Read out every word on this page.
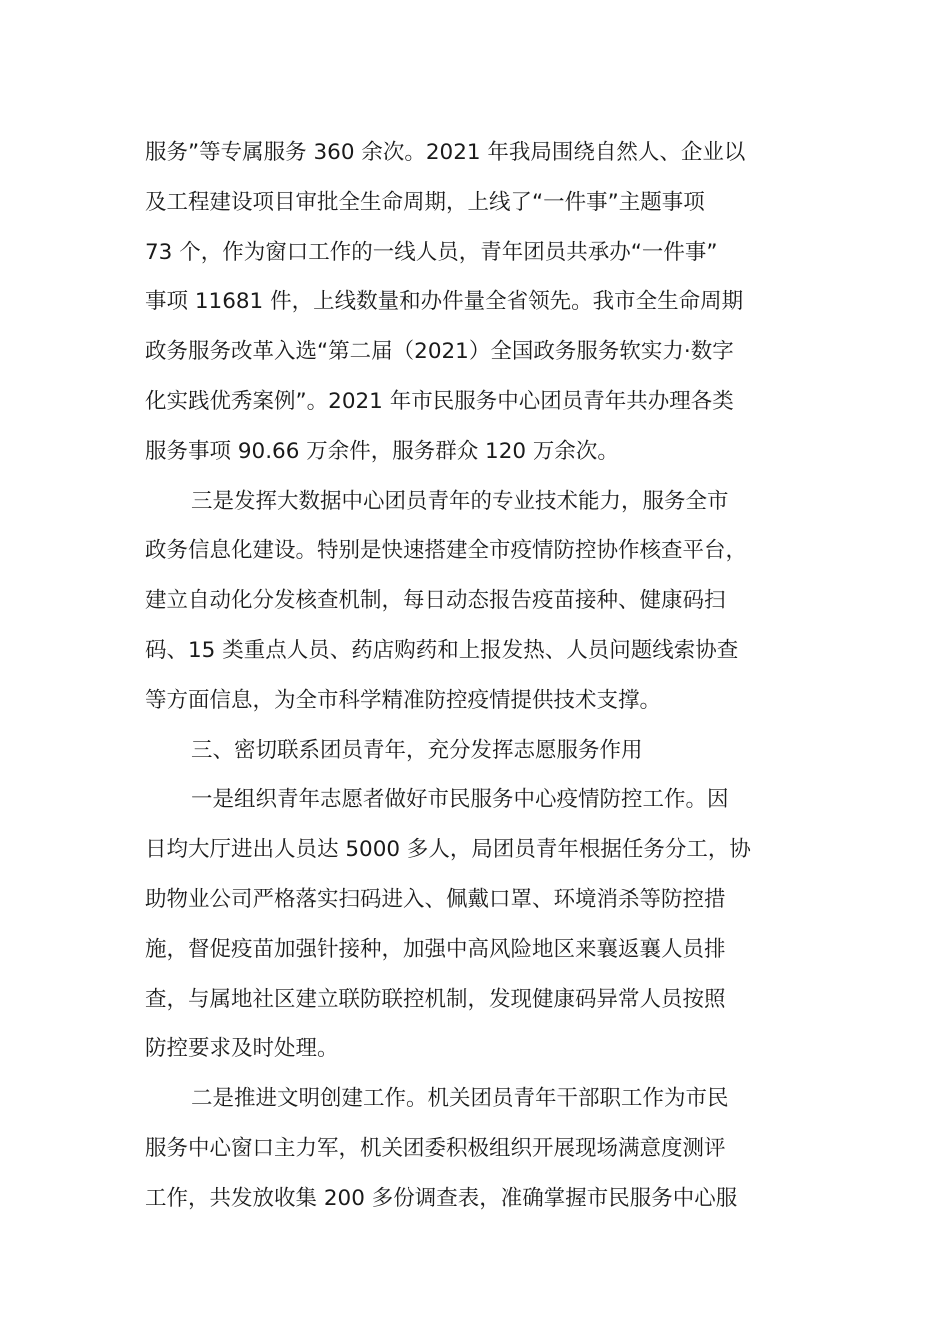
服务”等专属服务 360 余次。2021 年我局围绕自然人、企业以
及工程建设项目审批全生命周期，上线了“一件事”主题事项
73 个，作为窗口工作的一线人员，青年团员共承办“一件事”
事项 11681 件，上线数量和办件量全省领先。我市全生命周期
政务服务改革入选“第二届（2021）全国政务服务软实力·数字
化实践优秀案例”。2021 年市民服务中心团员青年共办理各类
服务事项 90.66 万余件，服务群众 120 万余次。
三是发挥大数据中心团员青年的专业技术能力，服务全市
政务信息化建设。特别是快速搭建全市疫情防控协作核查平台，
建立自动化分发核查机制，每日动态报告疫苗接种、健康码扫
码、15 类重点人员、药店购药和上报发热、人员问题线索协查
等方面信息，为全市科学精准防控疫情提供技术支撑。
三、密切联系团员青年，充分发挥志愿服务作用
一是组织青年志愿者做好市民服务中心疫情防控工作。因
日均大厅进出人员达 5000 多人，局团员青年根据任务分工，协
助物业公司严格落实扫码进入、佩戴口罩、环境消杀等防控措
施，督促疫苗加强针接种，加强中高风险地区来襄返襄人员排
查，与属地社区建立联防联控机制，发现健康码异常人员按照
防控要求及时处理。
二是推进文明创建工作。机关团员青年干部职工作为市民
服务中心窗口主力军，机关团委积极组织开展现场满意度测评
工作，共发放收集 200 多份调查表，准确掌握市民服务中心服
